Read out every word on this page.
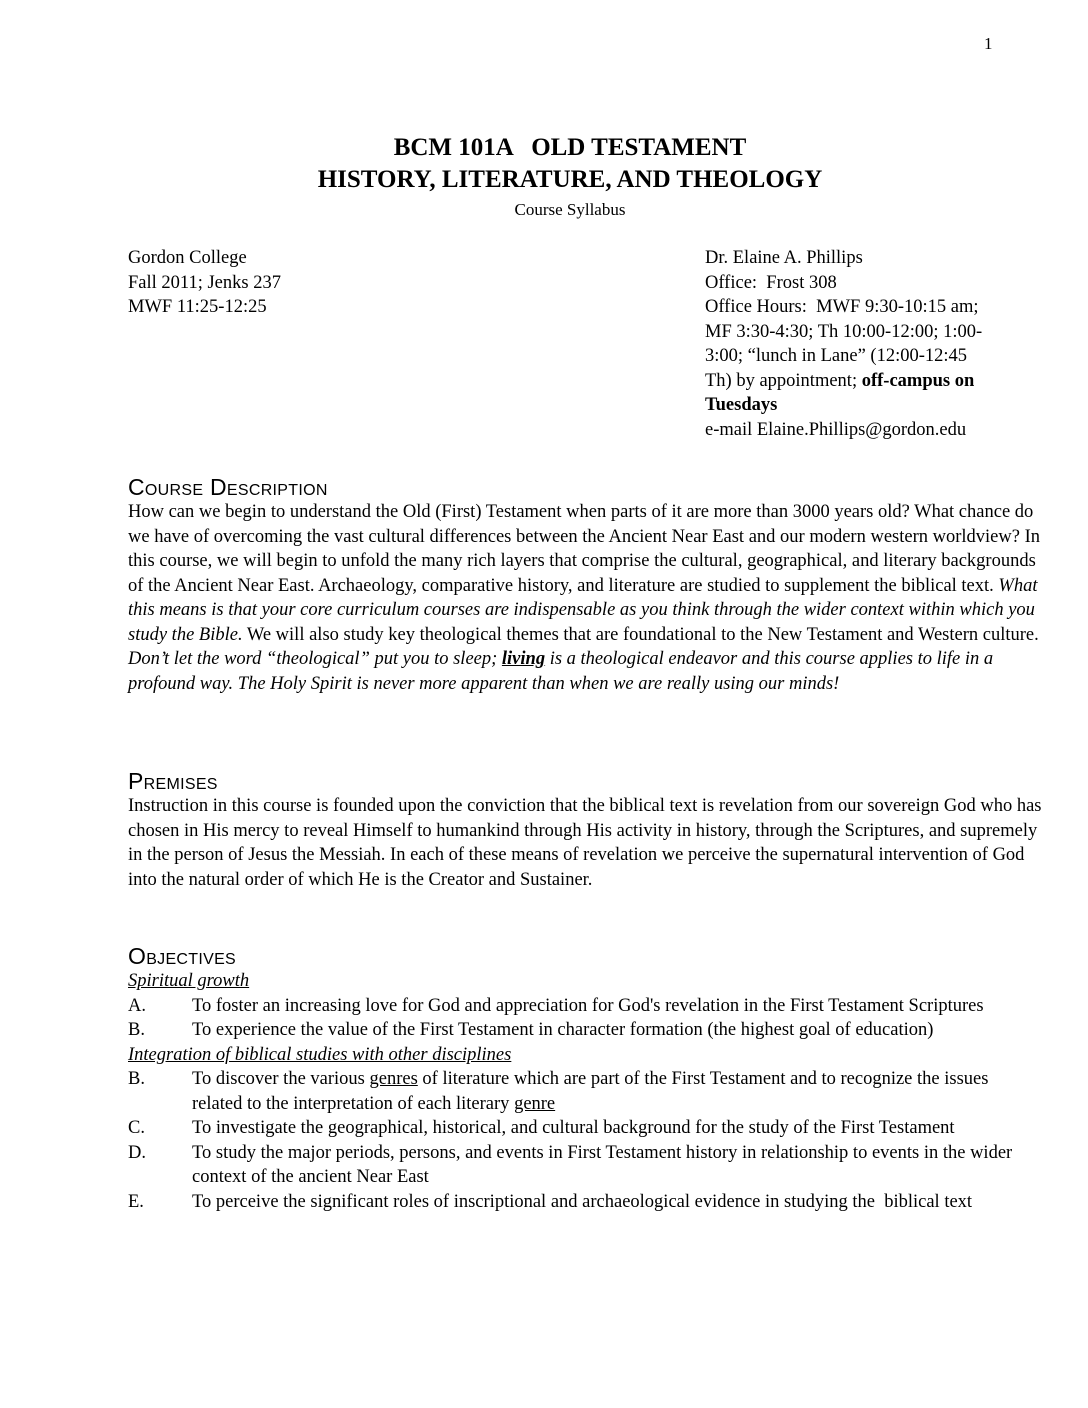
1
BCM 101A   OLD TESTAMENT
HISTORY, LITERATURE, AND THEOLOGY
Course Syllabus
Gordon College
Fall 2011; Jenks 237
MWF 11:25-12:25
Dr. Elaine A. Phillips
Office:  Frost 308
Office Hours:  MWF 9:30-10:15 am;
MF 3:30-4:30; Th 10:00-12:00; 1:00-
3:00; “lunch in Lane” (12:00-12:45
Th) by appointment; off-campus on
Tuesdays
e-mail Elaine.Phillips@gordon.edu
Course Description
How can we begin to understand the Old (First) Testament when parts of it are more than 3000 years old? What chance do we have of overcoming the vast cultural differences between the Ancient Near East and our modern western worldview? In this course, we will begin to unfold the many rich layers that comprise the cultural, geographical, and literary backgrounds of the Ancient Near East. Archaeology, comparative history, and literature are studied to supplement the biblical text. What this means is that your core curriculum courses are indispensable as you think through the wider context within which you study the Bible. We will also study key theological themes that are foundational to the New Testament and Western culture. Don’t let the word “theological” put you to sleep; living is a theological endeavor and this course applies to life in a profound way. The Holy Spirit is never more apparent than when we are really using our minds!
Premises
Instruction in this course is founded upon the conviction that the biblical text is revelation from our sovereign God who has chosen in His mercy to reveal Himself to humankind through His activity in history, through the Scriptures, and supremely in the person of Jesus the Messiah. In each of these means of revelation we perceive the supernatural intervention of God into the natural order of which He is the Creator and Sustainer.
Objectives
Spiritual growth
A.	To foster an increasing love for God and appreciation for God's revelation in the First Testament Scriptures
B.	To experience the value of the First Testament in character formation (the highest goal of education)
Integration of biblical studies with other disciplines
B.	To discover the various genres of literature which are part of the First Testament and to recognize the issues related to the interpretation of each literary genre
C.	To investigate the geographical, historical, and cultural background for the study of the First Testament
D.	To study the major periods, persons, and events in First Testament history in relationship to events in the wider context of the ancient Near East
E.	To perceive the significant roles of inscriptional and archaeological evidence in studying the  biblical text
